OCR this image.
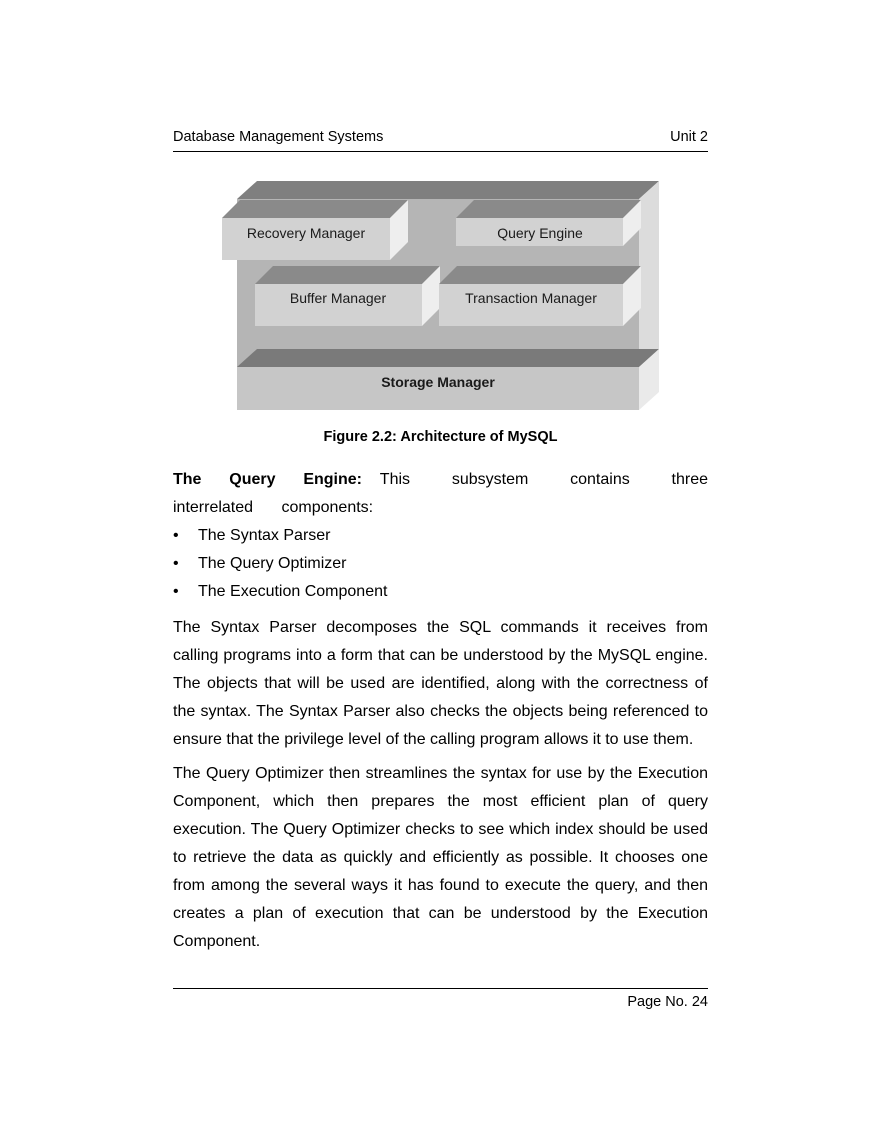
Database Management Systems	Unit 2
Storage Manager
Recovery Manager	Query Engine
Buffer Manager	Transaction Manager
Figure 2.2: Architecture of MySQL
The Query Engine: This subsystem contains three interrelated components:
• The Syntax Parser
• The Query Optimizer
• The Execution Component

The Syntax Parser decomposes the SQL commands it receives from calling programs into a form that can be understood by the MySQL engine. The objects that will be used are identified, along with the correctness of the syntax. The Syntax Parser also checks the objects being referenced to ensure that the privilege level of the calling program allows it to use them.

The Query Optimizer then streamlines the syntax for use by the Execution Component, which then prepares the most efficient plan of query execution. The Query Optimizer checks to see which index should be used to retrieve the data as quickly and efficiently as possible. It chooses one from among the several ways it has found to execute the query, and then creates a plan of execution that can be understood by the Execution Component.

Page No. 24
